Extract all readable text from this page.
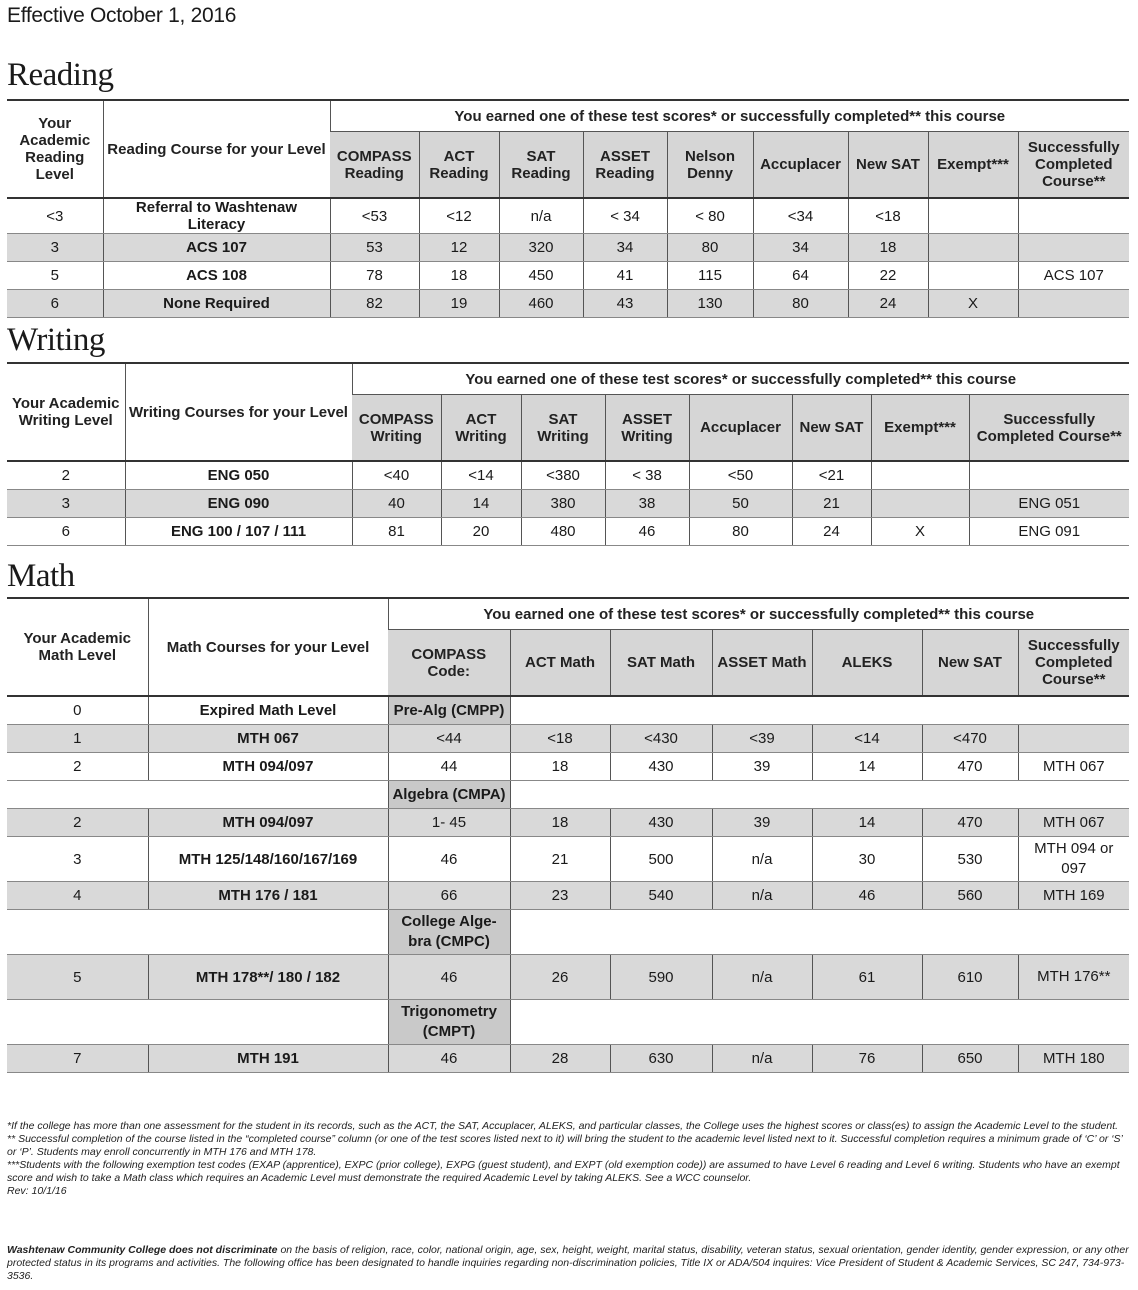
Effective October 1, 2016
Reading
Your Academic Reading Level	Reading Course for your Level	You earned one of these test scores* or successfully completed** this course								
		COMPASS Reading	ACT Reading	SAT Reading	ASSET Reading	Nelson Denny	Accuplacer	New SAT	Exempt***	Successfully Completed Course**
<3	Referral to Washtenaw Literacy	<53	<12	n/a	< 34	< 80	<34	<18		
3	ACS 107	53	12	320	34	80	34	18		
5	ACS 108	78	18	450	41	115	64	22		ACS 107
6	None Required	82	19	460	43	130	80	24	X	
Writing
Your Academic Writing Level	Writing Courses for your Level	You earned one of these test scores* or successfully completed** this course							
		COMPASS Writing	ACT Writing	SAT Writing	ASSET Writing	Accuplacer	New SAT	Exempt***	Successfully Completed Course**
2	ENG 050	<40	<14	<380	< 38	<50	<21		
3	ENG 090	40	14	380	38	50	21		ENG 051
6	ENG 100 / 107 / 111	81	20	480	46	80	24	X	ENG 091
Math
Your Academic Math Level	Math Courses for your Level	You earned one of these test scores* or successfully completed** this course						
		COMPASS Code:	ACT Math	SAT Math	ASSET Math	ALEKS	New SAT	Successfully Completed Course**
0	Expired Math Level	Pre-Alg (CMPP)						
1	MTH 067	<44	<18	<430	<39	<14	<470	
2	MTH 094/097	44	18	430	39	14	470	MTH 067
		Algebra (CMPA)						
2	MTH 094/097	1- 45	18	430	39	14	470	MTH 067
3	MTH 125/148/160/167/169	46	21	500	n/a	30	530	MTH 094 or 097
4	MTH 176 / 181	66	23	540	n/a	46	560	MTH 169
		College Alge- bra (CMPC)						
5	MTH 178**/ 180 / 182	46	26	590	n/a	61	610	MTH 176**
		Trigonometry (CMPT)						
7	MTH 191	46	28	630	n/a	76	650	MTH 180

*If the college has more than one assessment for the student in its records, such as the ACT, the SAT, Accuplacer, ALEKS, and particular classes, the College uses the highest scores or class(es) to assign the Academic Level to the student.

** Successful completion of the course listed in the “completed course” column (or one of the test scores listed next to it) will bring the student to the academic level listed next to it. Successful completion requires a minimum grade of ‘C’ or ‘S’ or ‘P’. Students may enroll concurrently in MTH 176 and MTH 178.

***Students with the following exemption test codes (EXAP (apprentice), EXPC (prior college), EXPG (guest student), and EXPT (old exemption code)) are assumed to have Level 6 reading and Level 6 writing. Students who have an exempt score and wish to take a Math class which requires an Academic Level must demonstrate the required Academic Level by taking ALEKS. See a WCC counselor.

Rev: 10/1/16

Washtenaw Community College does not discriminate on the basis of religion, race, color, national origin, age, sex, height, weight, marital status, disability, veteran status, sexual orientation, gender identity, gender expression, or any other protected status in its programs and activities. The following office has been designated to handle inquiries regarding non-discrimination policies, Title IX or ADA/504 inquires: Vice President of Student & Academic Services, SC 247, 734-973-3536.
